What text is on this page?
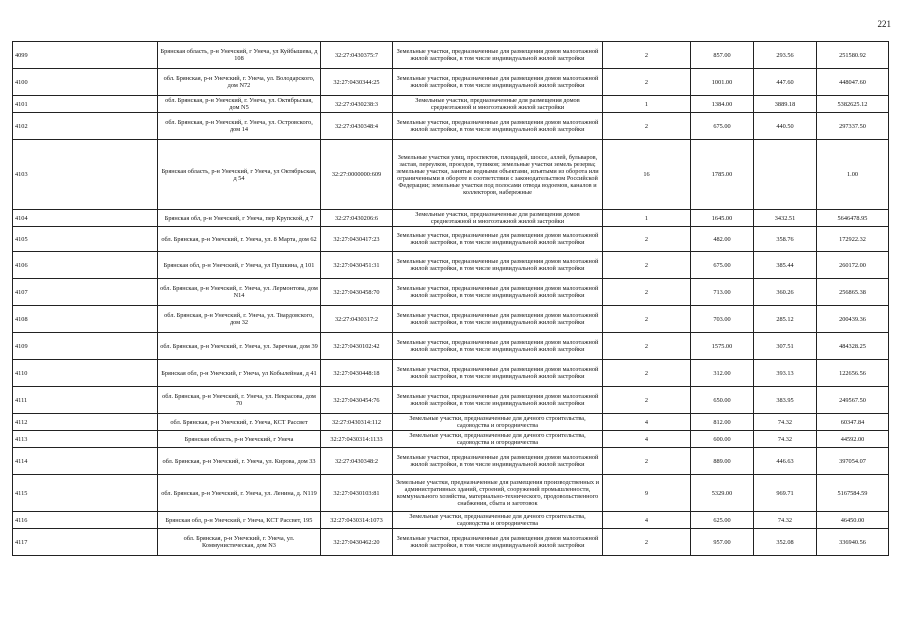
221
4099	Брянская область, р-н Унечский, г Унеча, ул Куйбышева, д 108	32:27:0430375:7	Земельные участки, предназначенные для размещения домов малоэтажной жилой застройки, в том числе индивидуальной жилой застройки	2	857.00	293.56	251580.92
4100	обл. Брянская, р-н Унечский, г. Унеча, ул. Володарского, дом N72	32:27:0430344:25	Земельные участки, предназначенные для размещения домов малоэтажной жилой застройки, в том числе индивидуальной жилой застройки	2	1001.00	447.60	448047.60
4101	обл. Брянская, р-н Унечский, г. Унеча, ул. Октябрьская, дом N5	32:27:0430238:3	Земельные участки, предназначенные для размещения домов среднеэтажной и многоэтажной жилой застройки	1	1384.00	3889.18	5382625.12
4102	обл. Брянская, р-н Унечский, г. Унеча, ул. Островского, дом 14	32:27:0430348:4	Земельные участки, предназначенные для размещения домов малоэтажной жилой застройки, в том числе индивидуальной жилой застройки	2	675.00	440.50	297337.50
4103	Брянская область, р-н Унечский, г Унеча, ул Октябрьская, д 54	32:27:0000000:609	Земельные участки улиц, проспектов, площадей, шоссе, аллей, бульваров, застав, переулков, проездов, тупиков; земельные участки земель резерва; земельные участки, занятые водными объектами, изъятыми из оборота или ограниченными в обороте в соответствии с законодательством Российской Федерации; земельные участки под полосами отвода водоемов, каналов и коллекторов, набережные	16	1785.00		1.00
4104	Брянская обл, р-н Унечский, г Унеча, пер Крупской, д 7	32:27:0430206:6	Земельные участки, предназначенные для размещения домов среднеэтажной и многоэтажной жилой застройки	1	1645.00	3432.51	5646478.95
4105	обл. Брянская, р-н Унечский, г. Унеча, ул. 8 Марта, дом 62	32:27:0430417:23	Земельные участки, предназначенные для размещения домов малоэтажной жилой застройки, в том числе индивидуальной жилой застройки	2	482.00	358.76	172922.32
4106	Брянская обл, р-н Унечский, г Унеча, ул Пушкина, д 101	32:27:0430451:31	Земельные участки, предназначенные для размещения домов малоэтажной жилой застройки, в том числе индивидуальной жилой застройки	2	675.00	385.44	260172.00
4107	обл. Брянская, р-н Унечский, г. Унеча, ул. Лермонтова, дом N14	32:27:0430458:70	Земельные участки, предназначенные для размещения домов малоэтажной жилой застройки, в том числе индивидуальной жилой застройки	2	713.00	360.26	256865.38
4108	обл. Брянская, р-н Унечский, г. Унеча, ул. Твардовского, дом 32	32:27:0430317:2	Земельные участки, предназначенные для размещения домов малоэтажной жилой застройки, в том числе индивидуальной жилой застройки	2	703.00	285.12	200439.36
4109	обл. Брянская, р-н Унечский, г. Унеча, ул. Заречная, дом 39	32:27:0430102:42	Земельные участки, предназначенные для размещения домов малоэтажной жилой застройки, в том числе индивидуальной жилой застройки	2	1575.00	307.51	484328.25
4110	Брянская обл, р-н Унечский, г Унеча, ул Кобылейная, д 41	32:27:0430448:18	Земельные участки, предназначенные для размещения домов малоэтажной жилой застройки, в том числе индивидуальной жилой застройки	2	312.00	393.13	122656.56
4111	обл. Брянская, р-н Унечский, г. Унеча, ул. Некрасова, дом 70	32:27:0430454:76	Земельные участки, предназначенные для размещения домов малоэтажной жилой застройки, в том числе индивидуальной жилой застройки	2	650.00	383.95	249567.50
4112	обл. Брянская, р-н Унечский, г. Унеча, КСТ Рассвет	32:27:0430314:112	Земельные участки, предназначенные для дачного строительства, садоводства и огородничества	4	812.00	74.32	60347.84
4113	Брянская область, р-н Унечский, г Унеча	32:27:0430314:1133	Земельные участки, предназначенные для дачного строительства, садоводства и огородничества	4	600.00	74.32	44592.00
4114	обл. Брянская, р-н Унечский, г. Унеча, ул. Кирова, дом 33	32:27:0430348:2	Земельные участки, предназначенные для размещения домов малоэтажной жилой застройки, в том числе индивидуальной жилой застройки	2	889.00	446.63	397054.07
4115	обл. Брянская, р-н Унечский, г. Унеча, ул. Ленина, д. N119	32:27:0430103:81	Земельные участки, предназначенные для размещения производственных и административных зданий, строений, сооружений промышленности, коммунального хозяйства, материально-технического, продовольственного снабжения, сбыта и заготовок	9	5329.00	969.71	5167584.59
4116	Брянская обл, р-н Унечский, г Унеча, КСТ Рассвет, 195	32:27:0430314:1073	Земельные участки, предназначенные для дачного строительства, садоводства и огородничества	4	625.00	74.32	46450.00
4117	обл. Брянская, р-н Унечский, г. Унеча, ул. Коммунистическая, дом N3	32:27:0430462:20	Земельные участки, предназначенные для размещения домов малоэтажной жилой застройки, в том числе индивидуальной жилой застройки	2	957.00	352.08	336940.56
